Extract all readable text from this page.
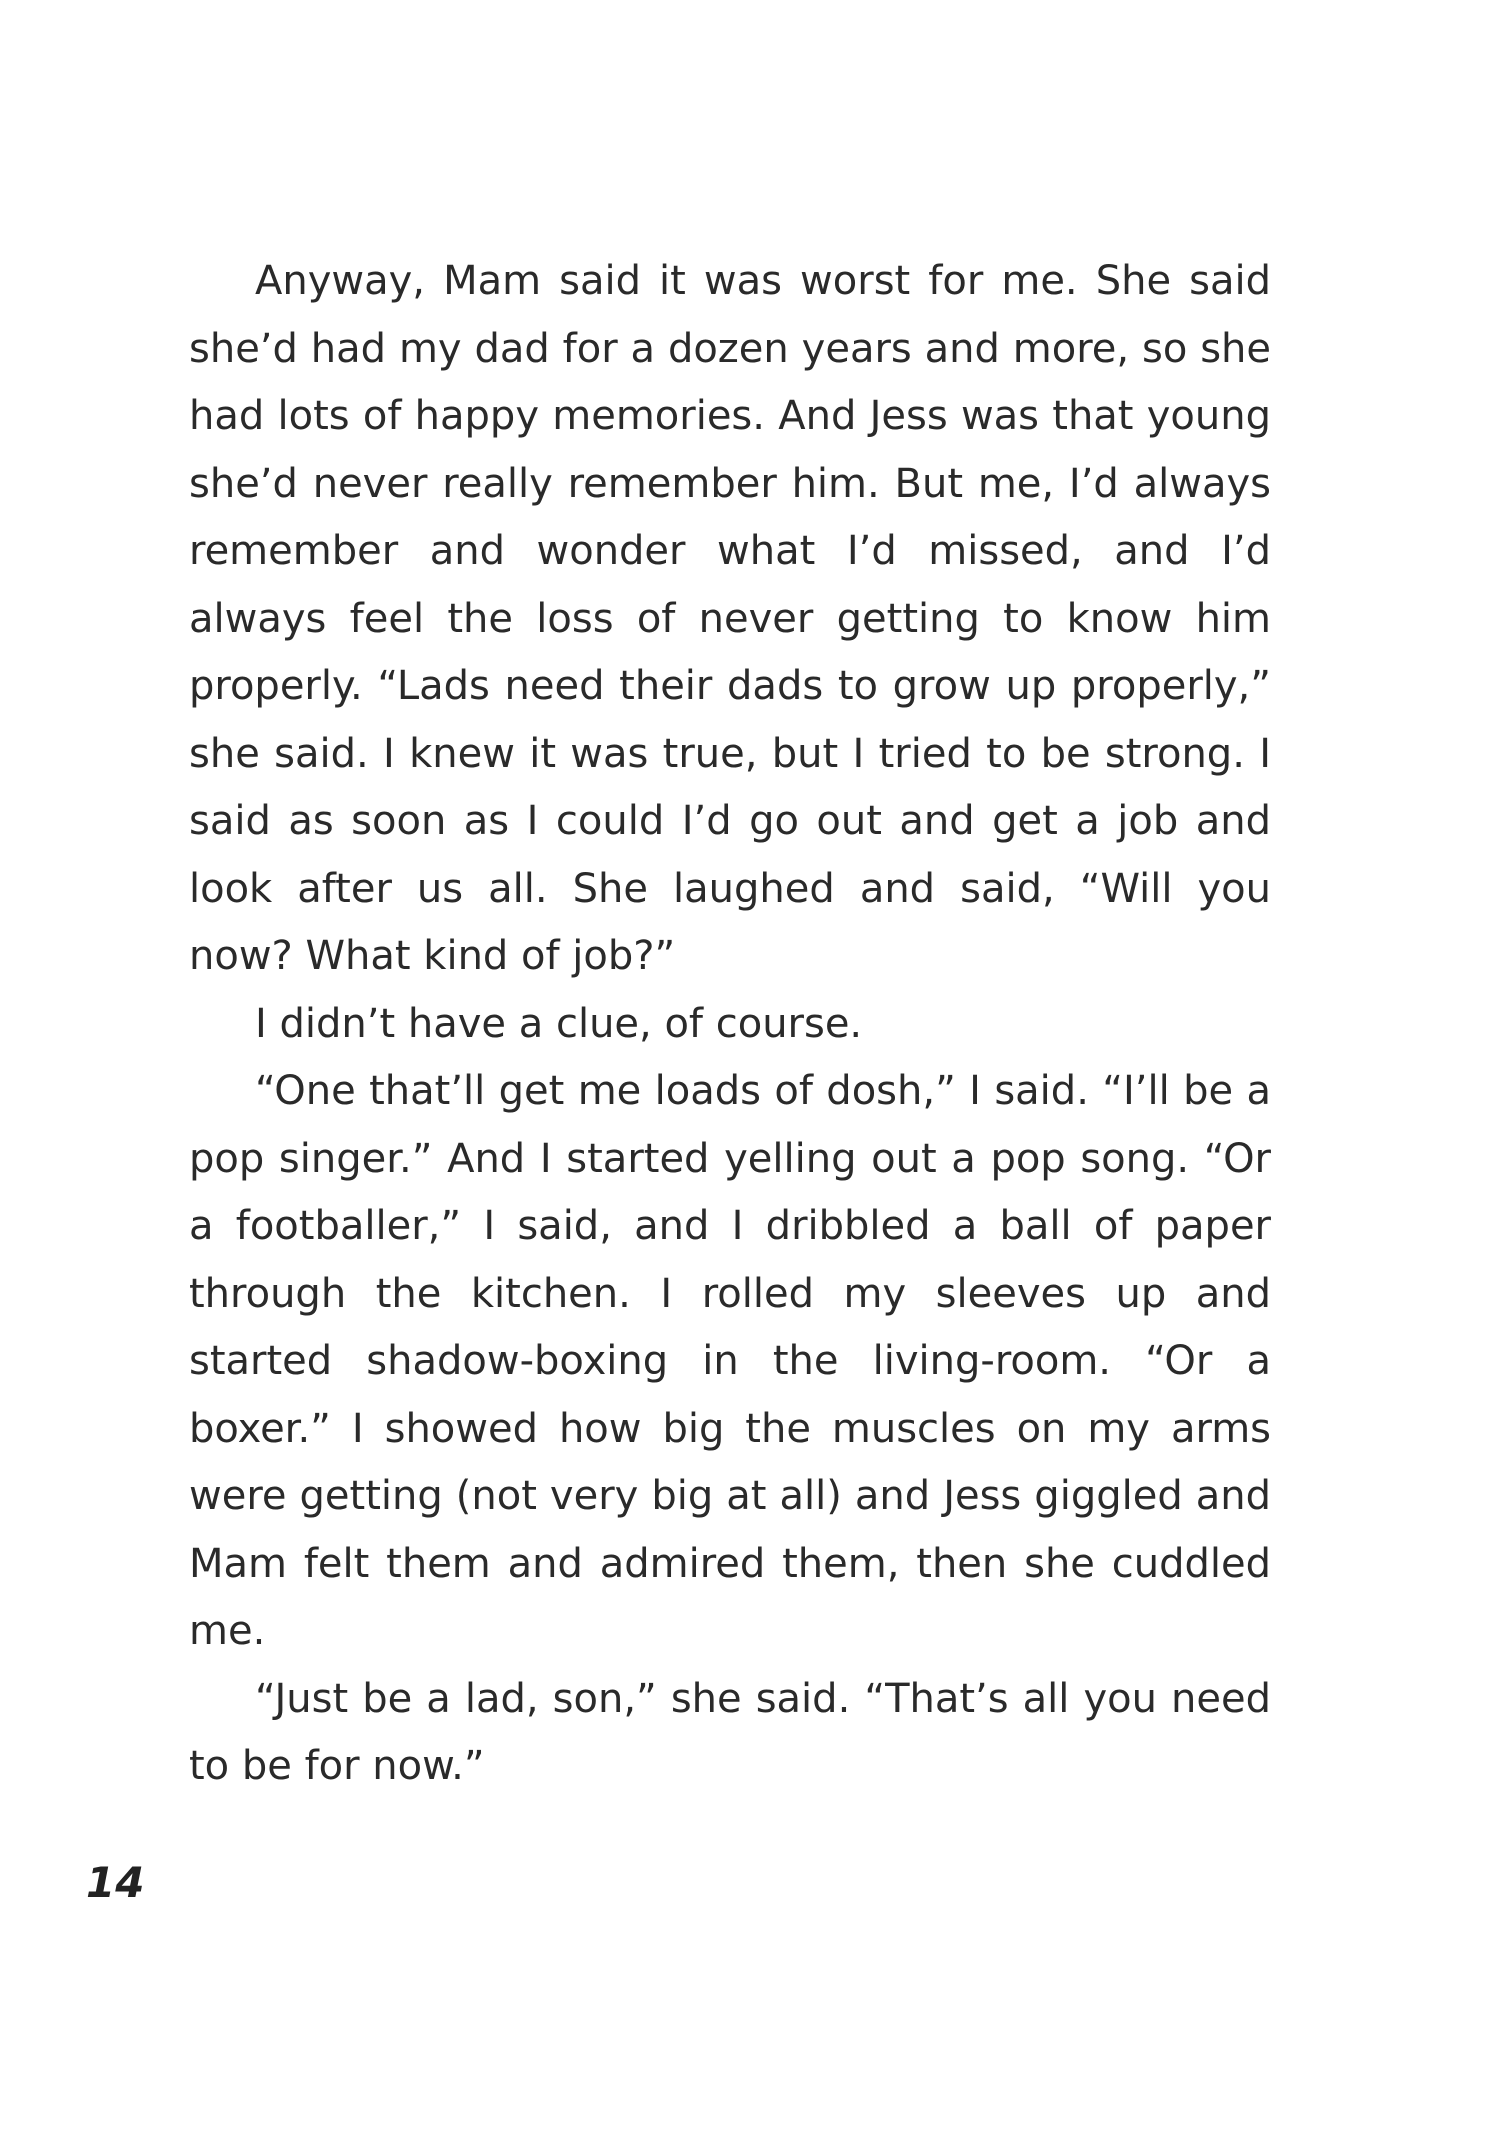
Anyway, Mam said it was worst for me. She said she’d had my dad for a dozen years and more, so she had lots of happy memories. And Jess was that young she’d never really remember him. But me, I’d always remember and wonder what I’d missed, and I’d always feel the loss of never getting to know him properly. “Lads need their dads to grow up properly,” she said. I knew it was true, but I tried to be strong. I said as soon as I could I’d go out and get a job and look after us all. She laughed and said, “Will you now? What kind of job?”

I didn’t have a clue, of course.

“One that’ll get me loads of dosh,” I said. “I’ll be a pop singer.” And I started yelling out a pop song. “Or a footballer,” I said, and I dribbled a ball of paper through the kitchen. I rolled my sleeves up and started shadow-boxing in the living-room. “Or a boxer.” I showed how big the muscles on my arms were getting (not very big at all) and Jess giggled and Mam felt them and admired them, then she cuddled me.

“Just be a lad, son,” she said. “That’s all you need to be for now.”

14
